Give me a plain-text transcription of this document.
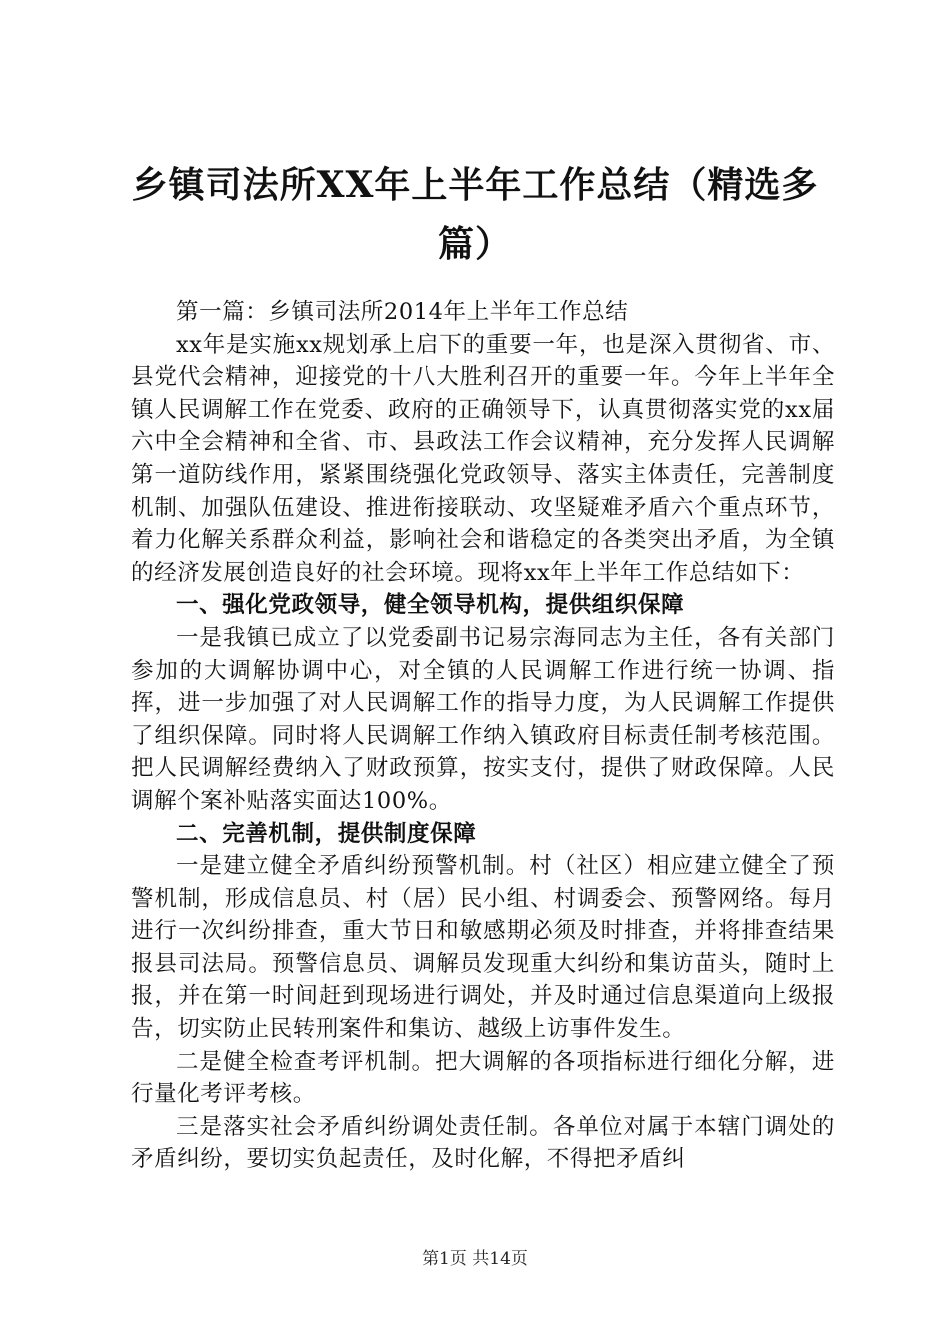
乡镇司法所XX年上半年工作总结（精选多
篇）

第一篇：乡镇司法所2014年上半年工作总结

xx年是实施xx规划承上启下的重要一年，也是深入贯彻省、市、县党代会精神，迎接党的十八大胜利召开的重要一年。今年上半年全镇人民调解工作在党委、政府的正确领导下，认真贯彻落实党的xx届六中全会精神和全省、市、县政法工作会议精神，充分发挥人民调解第一道防线作用，紧紧围绕强化党政领导、落实主体责任，完善制度机制、加强队伍建设、推进衔接联动、攻坚疑难矛盾六个重点环节，着力化解关系群众利益，影响社会和谐稳定的各类突出矛盾，为全镇的经济发展创造良好的社会环境。现将xx年上半年工作总结如下：

一、强化党政领导，健全领导机构，提供组织保障

一是我镇已成立了以党委副书记易宗海同志为主任，各有关部门参加的大调解协调中心，对全镇的人民调解工作进行统一协调、指挥，进一步加强了对人民调解工作的指导力度，为人民调解工作提供了组织保障。同时将人民调解工作纳入镇政府目标责任制考核范围。把人民调解经费纳入了财政预算，按实支付，提供了财政保障。人民调解个案补贴落实面达100%。

二、完善机制，提供制度保障

一是建立健全矛盾纠纷预警机制。村（社区）相应建立健全了预警机制，形成信息员、村（居）民小组、村调委会、预警网络。每月进行一次纠纷排查，重大节日和敏感期必须及时排查，并将排查结果报县司法局。预警信息员、调解员发现重大纠纷和集访苗头，随时上报，并在第一时间赶到现场进行调处，并及时通过信息渠道向上级报告，切实防止民转刑案件和集访、越级上访事件发生。

二是健全检查考评机制。把大调解的各项指标进行细化分解，进行量化考评考核。

三是落实社会矛盾纠纷调处责任制。各单位对属于本辖门调处的矛盾纠纷，要切实负起责任，及时化解，不得把矛盾纠

第1页 共14页
